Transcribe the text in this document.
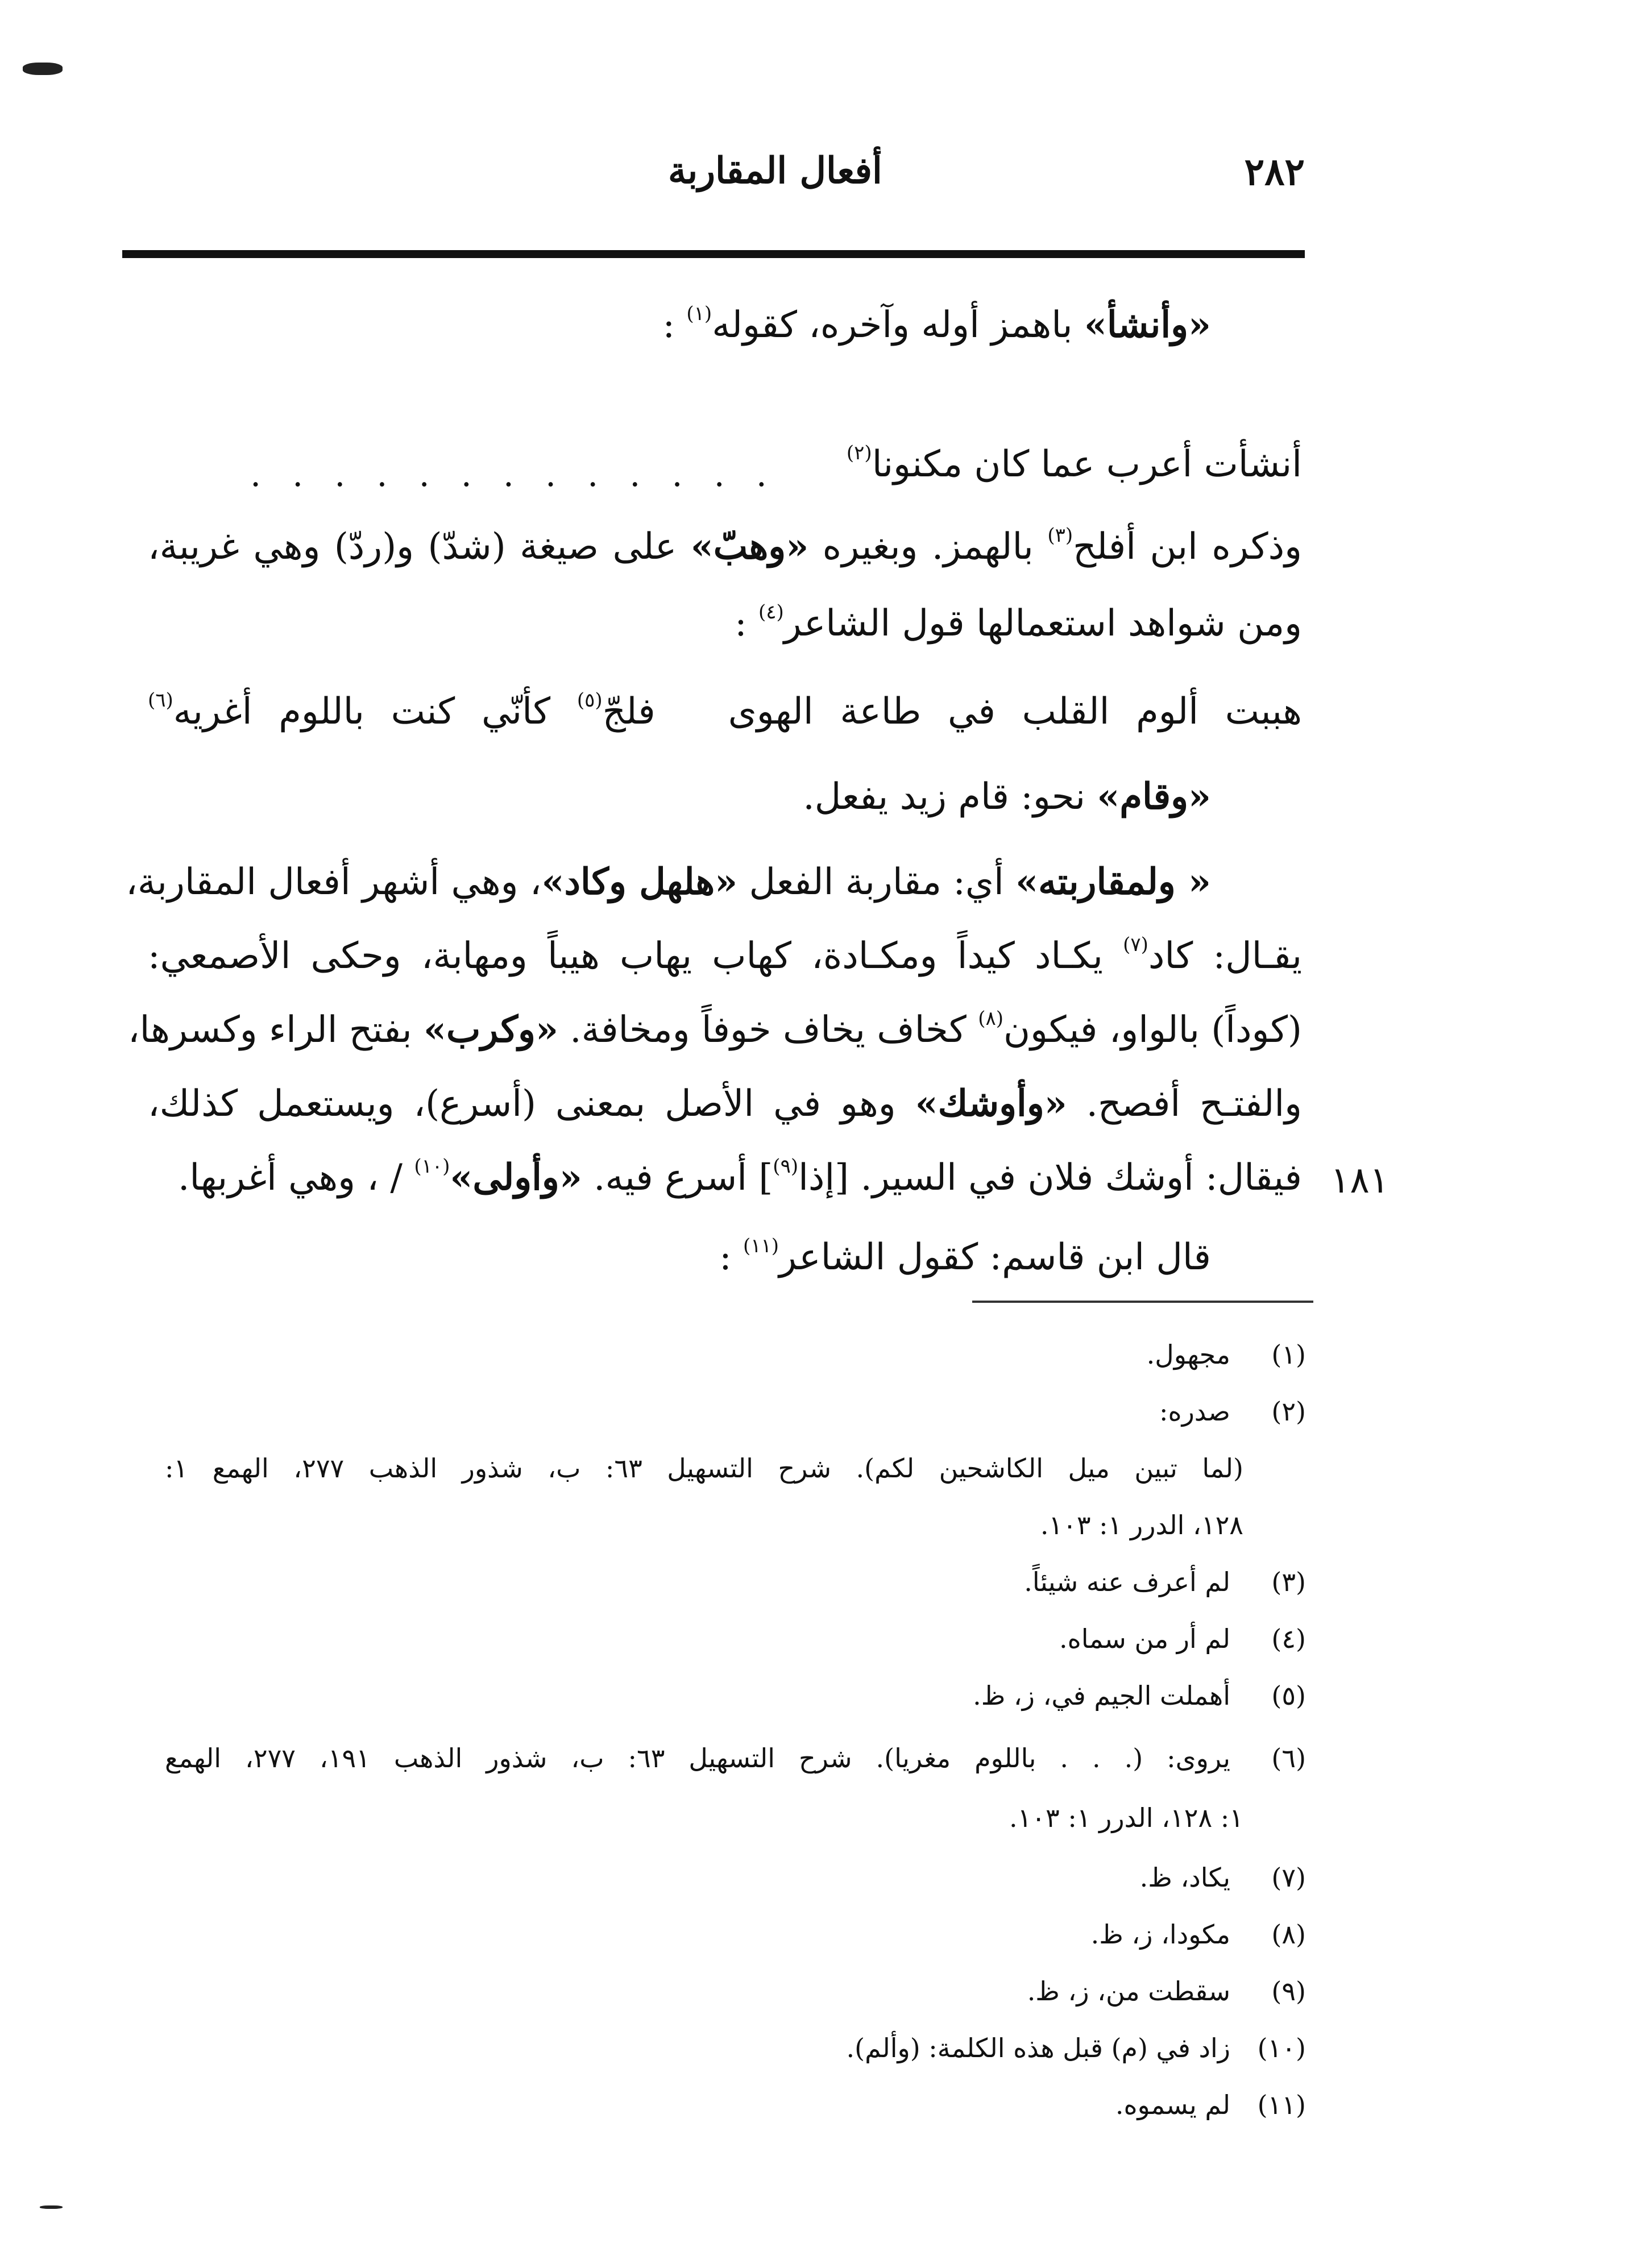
٢٨٢
أفعال المقاربة
«وأنشأ» باهمز أوله وآخره، كقوله$^{(١)}$ :
أنشأت أعرب عما كان مكنونا$^{(٢)}$
. . . . . . . . . . . . .
وذكره ابن أفلح$^{(٣)}$ بالهمز. وبغيره «وهبّ» على صيغة (شدّ) و(ردّ) وهي غريبة،
ومن شواهد استعمالها قول الشاعر$^{(٤)}$ :
هببت ألوم القلب في طاعة الهوى  فلجّ$^{(٥)}$ كأنّي كنت باللوم أغريه$^{(٦)}$
«وقام» نحو: قام زيد يفعل.
« ولمقاربته» أي: مقاربة الفعل «هلهل وكاد»، وهي أشهر أفعال المقاربة،
يقـال: كاد$^{(٧)}$ يكـاد كيداً ومكـادة، كهاب يهاب هيباً ومهابة، وحكى الأصمعي:
(كوداً) بالواو، فيكون$^{(٨)}$ كخاف يخاف خوفاً ومخافة. «وكرب» بفتح الراء وكسرها،
والفتـح أفصح. «وأوشك» وهو في الأصل بمعنى (أسرع)، ويستعمل كذلك،
فيقال: أوشك فلان في السير. [إذا$^{(٩)}$] أسرع فيه. «وأولى»$^{(١٠)}$ / ، وهي أغربها.
قال ابن قاسم: كقول الشاعر$^{(١١)}$ :
١٨١
(١) مجهول.
(٢) صدره:
(لما تبين ميل الكاشحين لكم). شرح التسهيل ٦٣: ب، شذور الذهب ٢٧٧، الهمع ١:
١٢٨، الدرر ١: ١٠٣.
(٣) لم أعرف عنه شيئاً.
(٤) لم أر من سماه.
(٥) أهملت الجيم في، ز، ظ.
(٦) يروى: (. . . باللوم مغريا). شرح التسهيل ٦٣: ب، شذور الذهب ١٩١، ٢٧٧، الهمع
١: ١٢٨، الدرر ١: ١٠٣.
(٧) يكاد، ظ.
(٨) مكودا، ز، ظ.
(٩) سقطت من، ز، ظ.
(١٠) زاد في (م) قبل هذه الكلمة: (وألم).
(١١) لم يسموه.
